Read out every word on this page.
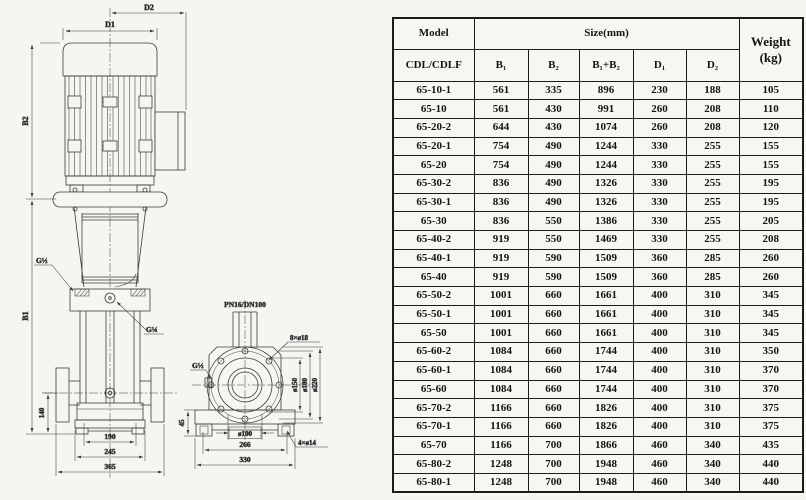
D1
D2
B2
B1
140
190
245
365
G½
G¼
PN16/DN100
8×ø18
G½
ø150 ø180 ø220
45
ø100
4×ø14
266
330
Model	Size(mm)					Weight
(kg)

CDL/CDLF	B₁	B₂	B₁+B₂	D₁	D₂	
65-10-1	561	335	896	230	188	105
65-10	561	430	991	260	208	110
65-20-2	644	430	1074	260	208	120
65-20-1	754	490	1244	330	255	155
65-20	754	490	1244	330	255	155
65-30-2	836	490	1326	330	255	195
65-30-1	836	490	1326	330	255	195
65-30	836	550	1386	330	255	205
65-40-2	919	550	1469	330	255	208
65-40-1	919	590	1509	360	285	260
65-40	919	590	1509	360	285	260
65-50-2	1001	660	1661	400	310	345
65-50-1	1001	660	1661	400	310	345
65-50	1001	660	1661	400	310	345
65-60-2	1084	660	1744	400	310	350
65-60-1	1084	660	1744	400	310	370
65-60	1084	660	1744	400	310	370
65-70-2	1166	660	1826	400	310	375
65-70-1	1166	660	1826	400	310	375
65-70	1166	700	1866	460	340	435
65-80-2	1248	700	1948	460	340	440
65-80-1	1248	700	1948	460	340	440
